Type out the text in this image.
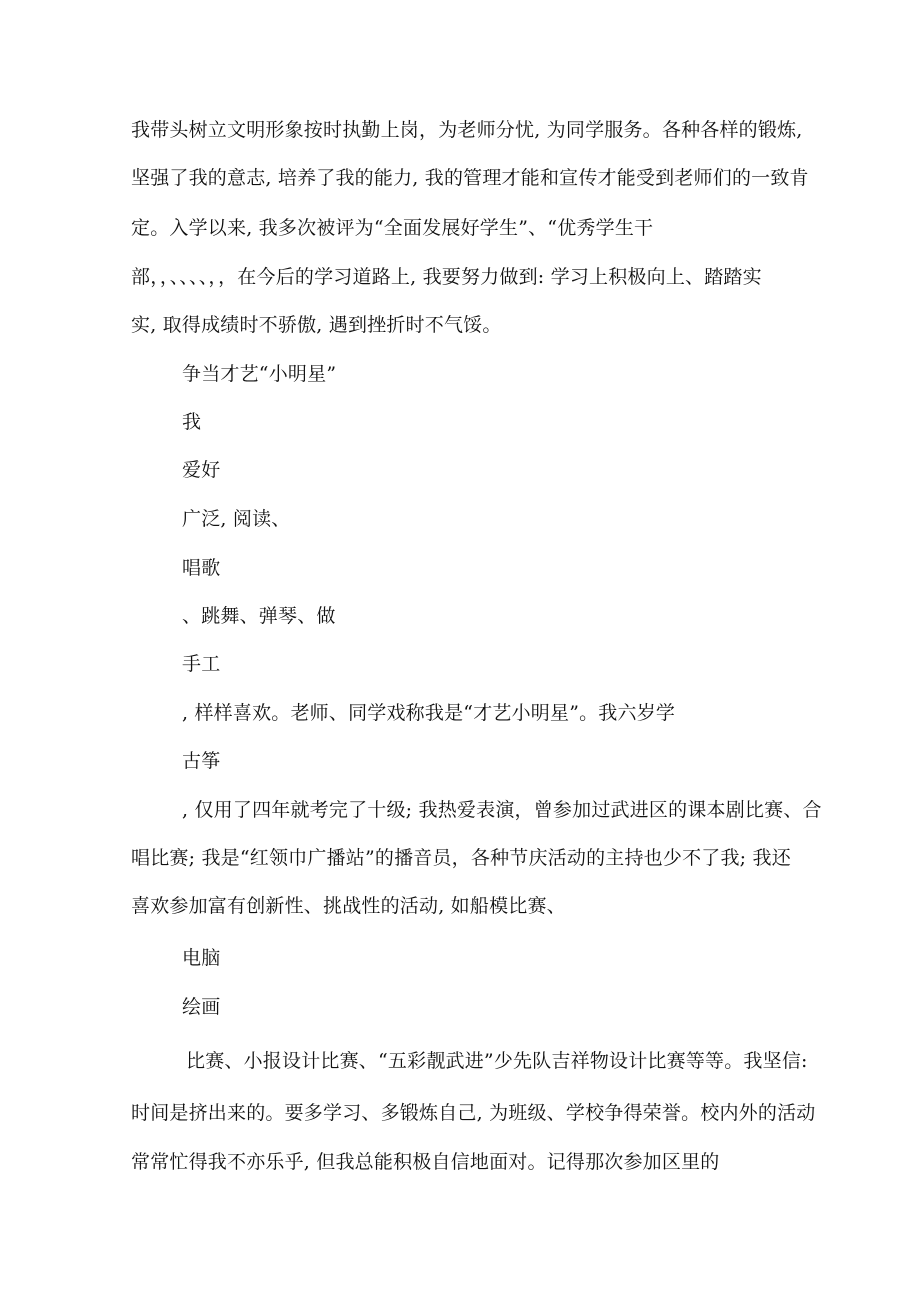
我带头树立文明形象按时执勤上岗，为老师分忧, 为同学服务。各种各样的锻炼,
坚强了我的意志, 培养了我的能力, 我的管理才能和宣传才能受到老师们的一致肯
定。入学以来, 我多次被评为“全面发展好学生”、“优秀学生干
部，，、、、、，，在今后的学习道路上, 我要努力做到: 学习上积极向上、踏踏实
实, 取得成绩时不骄傲, 遇到挫折时不气馁。
争当才艺“小明星”
我
爱好
广泛, 阅读、
唱歌
、跳舞、弹琴、做
手工
, 样样喜欢。老师、同学戏称我是“才艺小明星”。我六岁学
古筝
, 仅用了四年就考完了十级; 我热爱表演，曾参加过武进区的课本剧比赛、合
唱比赛; 我是“红领巾广播站”的播音员，各种节庆活动的主持也少不了我; 我还
喜欢参加富有创新性、挑战性的活动, 如船模比赛、
电脑
绘画
比赛、小报设计比赛、“五彩靓武进”少先队吉祥物设计比赛等等。我坚信:
时间是挤出来的。要多学习、多锻炼自己, 为班级、学校争得荣誉。校内外的活动
常常忙得我不亦乐乎, 但我总能积极自信地面对。记得那次参加区里的
